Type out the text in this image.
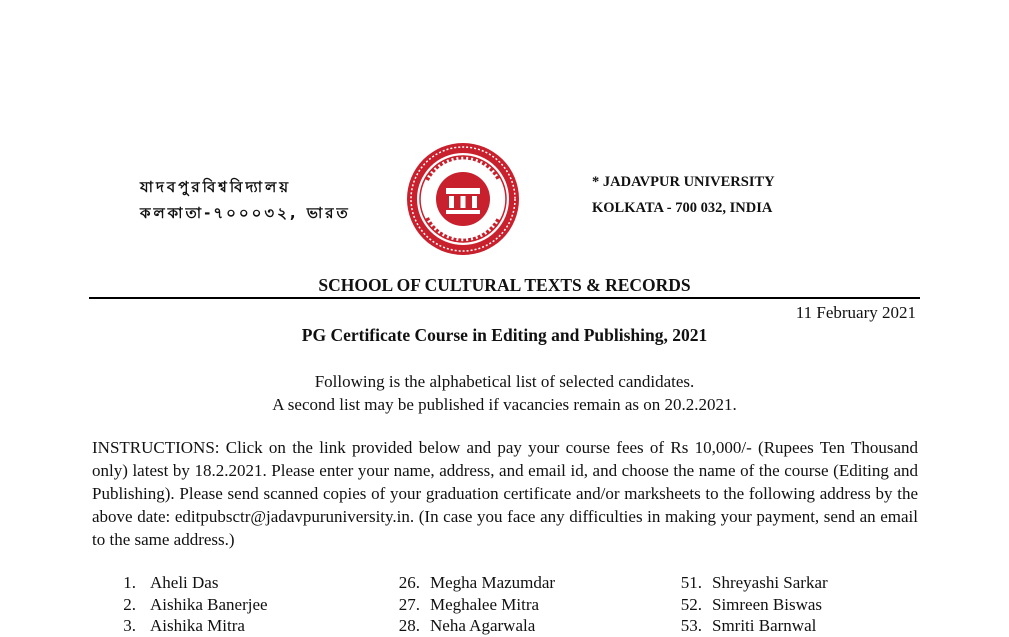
যাদবপুরবিশ্ববিদ্যালয়
কলকাতা-৭০০০৩২, ভারত
* JADAVPUR UNIVERSITY
KOLKATA - 700 032, INDIA
SCHOOL OF CULTURAL TEXTS & RECORDS
11 February 2021
PG Certificate Course in Editing and Publishing, 2021
Following is the alphabetical list of selected candidates.
A second list may be published if vacancies remain as on 20.2.2021.
INSTRUCTIONS: Click on the link provided below and pay your course fees of Rs 10,000/- (Rupees Ten Thousand only) latest by 18.2.2021. Please enter your name, address, and email id, and choose the name of the course (Editing and Publishing). Please send scanned copies of your graduation certificate and/or marksheets to the following address by the above date: editpubsctr@jadavpuruniversity.in. (In case you face any difficulties in making your payment, send an email to the same address.)
1. Aheli Das
2. Aishika Banerjee
3. Aishika Mitra
26. Megha Mazumdar
27. Meghalee Mitra
28. Neha Agarwala
51. Shreyashi Sarkar
52. Simreen Biswas
53. Smriti Barnwal
